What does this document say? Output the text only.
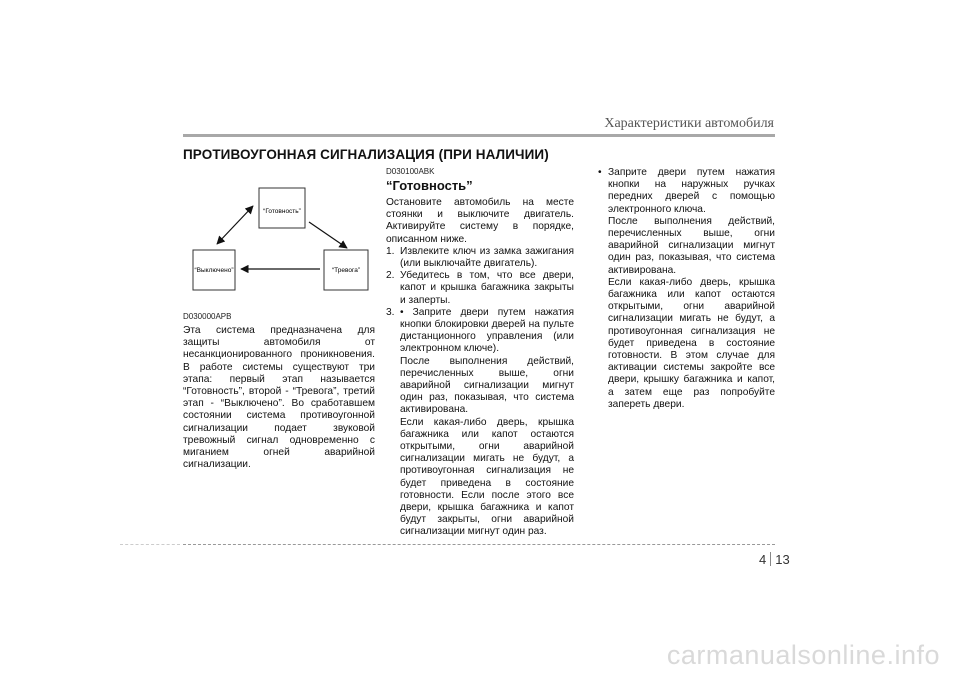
Характеристики автомобиля
ПРОТИВОУГОННАЯ СИГНАЛИЗАЦИЯ (ПРИ НАЛИЧИИ)
“Готовность”
“Выключено”	“Тревога”
D030000APB
Эта система предназначена для защиты автомобиля от несанкционированного проникновения. В работе системы существуют три этапа: первый этап называется “Готовность”, второй - “Тревога”, третий этап - “Выключено”. Во сработавшем состоянии система противоугонной сигнализации подает звуковой тревожный сигнал одновременно с миганием огней аварийной сигнализации.
D030100ABK
“Готовность”
Остановите автомобиль на месте стоянки и выключите двигатель. Активируйте систему в порядке, описанном ниже.
1. Извлеките ключ из замка зажигания (или выключайте двигатель).

2. Убедитесь в том, что все двери, капот и крышка багажника закрыты и заперты.

3. • Заприте двери путем нажатия кнопки блокировки дверей на пульте дистанционного управления (или электронном ключе).

После выполнения действий, перечисленных выше, огни аварийной сигнализации мигнут один раз, показывая, что система активирована.

Если какая-либо дверь, крышка багажника или капот остаются открытыми, огни аварийной сигнализации мигать не будут, а противоугонная сигнализация не будет приведена в состояние готовности. Если после этого все двери, крышка багажника и капот будут закрыты, огни аварийной сигнализации мигнут один раз.

• Заприте двери путем нажатия кнопки на наружных ручках передних дверей с помощью электронного ключа.

После выполнения действий, перечисленных выше, огни аварийной сигнализации мигнут один раз, показывая, что система активирована.

Если какая-либо дверь, крышка багажника или капот остаются открытыми, огни аварийной сигнализации мигать не будут, а противоугонная сигнализация не будет приведена в состояние готовности. В этом случае для активации системы закройте все двери, крышку багажника и капот, а затем еще раз попробуйте запереть двери.

4 13
carmanualsonline.info
